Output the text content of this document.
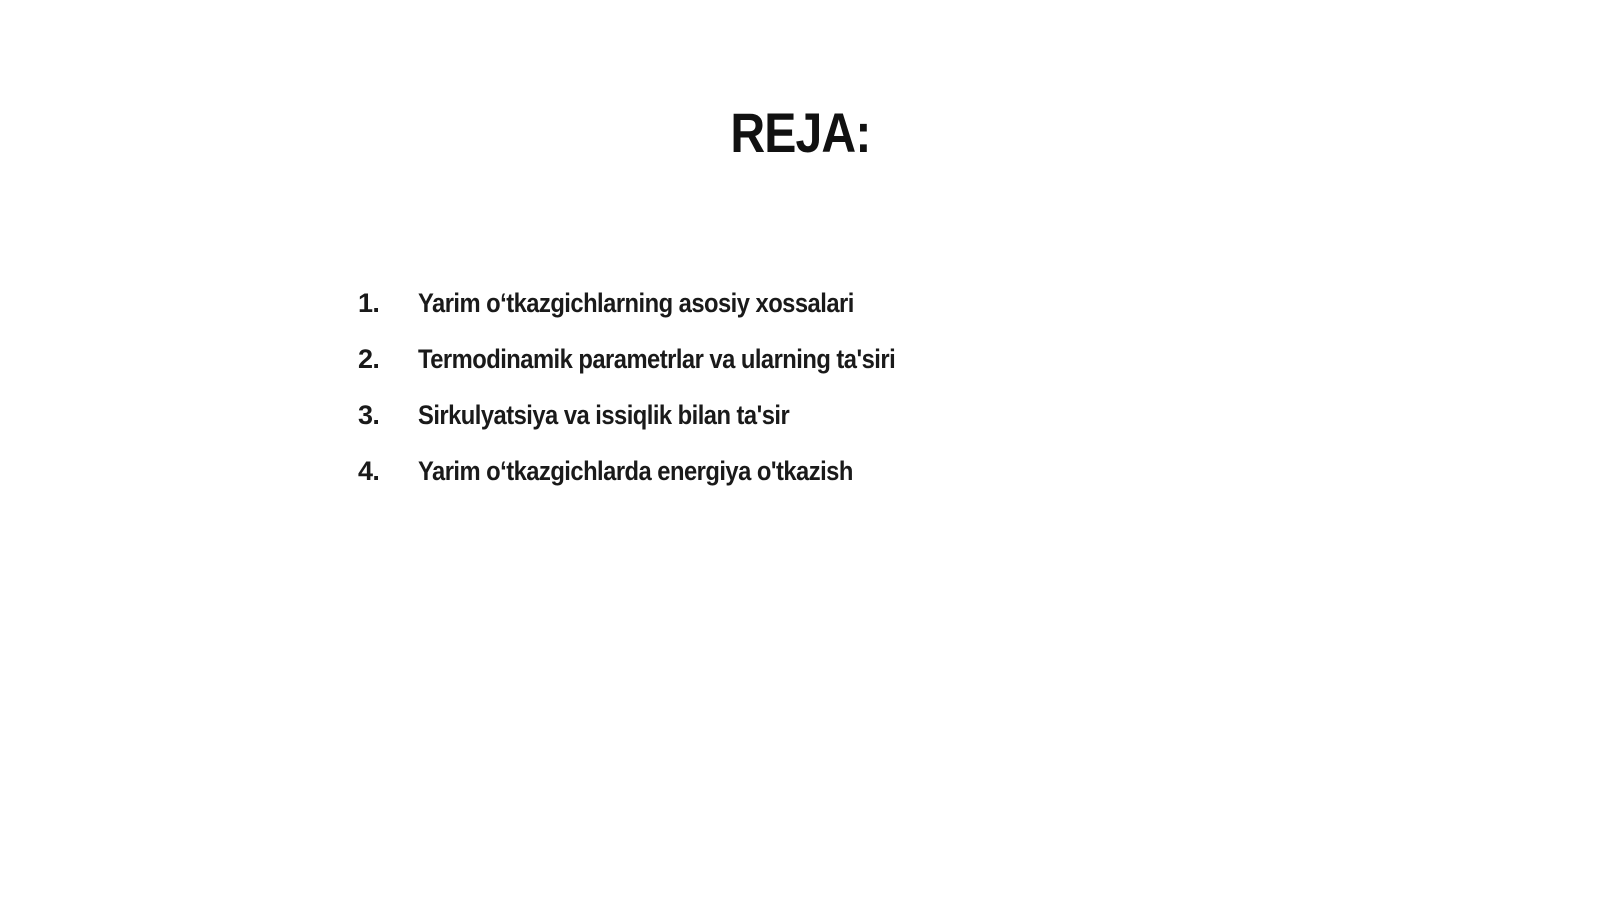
REJA:
1.	Yarim o‘tkazgichlarning asosiy xossalari
2.	Termodinamik parametrlar va ularning ta'siri
3.	Sirkulyatsiya va issiqlik bilan ta'sir
4.	Yarim o‘tkazgichlarda energiya o'tkazish
